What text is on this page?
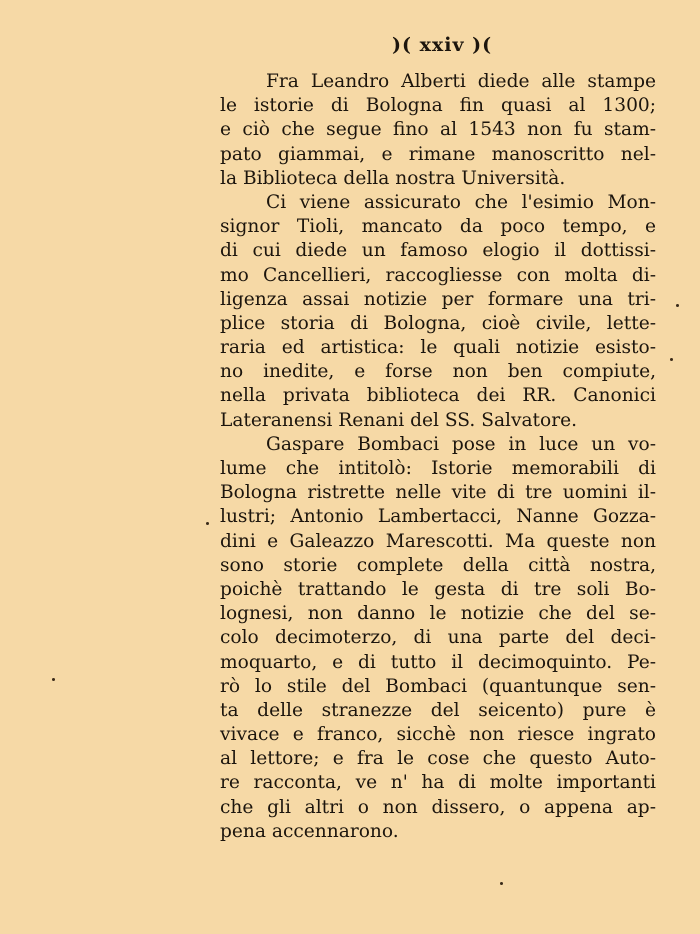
)( xxiv )(
Fra Leandro Alberti diede alle stampe
le istorie di Bologna fin quasi al 1300;
e ciò che segue fino al 1543 non fu stam-
pato giammai, e rimane manoscritto nel-
la Biblioteca della nostra Università.
Ci viene assicurato che l'esimio Mon-
signor Tioli, mancato da poco tempo, e
di cui diede un famoso elogio il dottissi-
mo Cancellieri, raccogliesse con molta di-
ligenza assai notizie per formare una tri-
plice storia di Bologna, cioè civile, lette-
raria ed artistica: le quali notizie esisto-
no inedite, e forse non ben compiute,
nella privata biblioteca dei RR. Canonici
Lateranensi Renani del SS. Salvatore.
Gaspare Bombaci pose in luce un vo-
lume che intitolò: Istorie memorabili di
Bologna ristrette nelle vite di tre uomini il-
lustri; Antonio Lambertacci, Nanne Gozza-
dini e Galeazzo Marescotti. Ma queste non
sono storie complete della città nostra,
poichè trattando le gesta di tre soli Bo-
lognesi, non danno le notizie che del se-
colo decimoterzo, di una parte del deci-
moquarto, e di tutto il decimoquinto. Pe-
rò lo stile del Bombaci (quantunque sen-
ta delle stranezze del seicento) pure è
vivace e franco, sicchè non riesce ingrato
al lettore; e fra le cose che questo Auto-
re racconta, ve n' ha di molte importanti
che gli altri o non dissero, o appena ap-
pena accennarono.
